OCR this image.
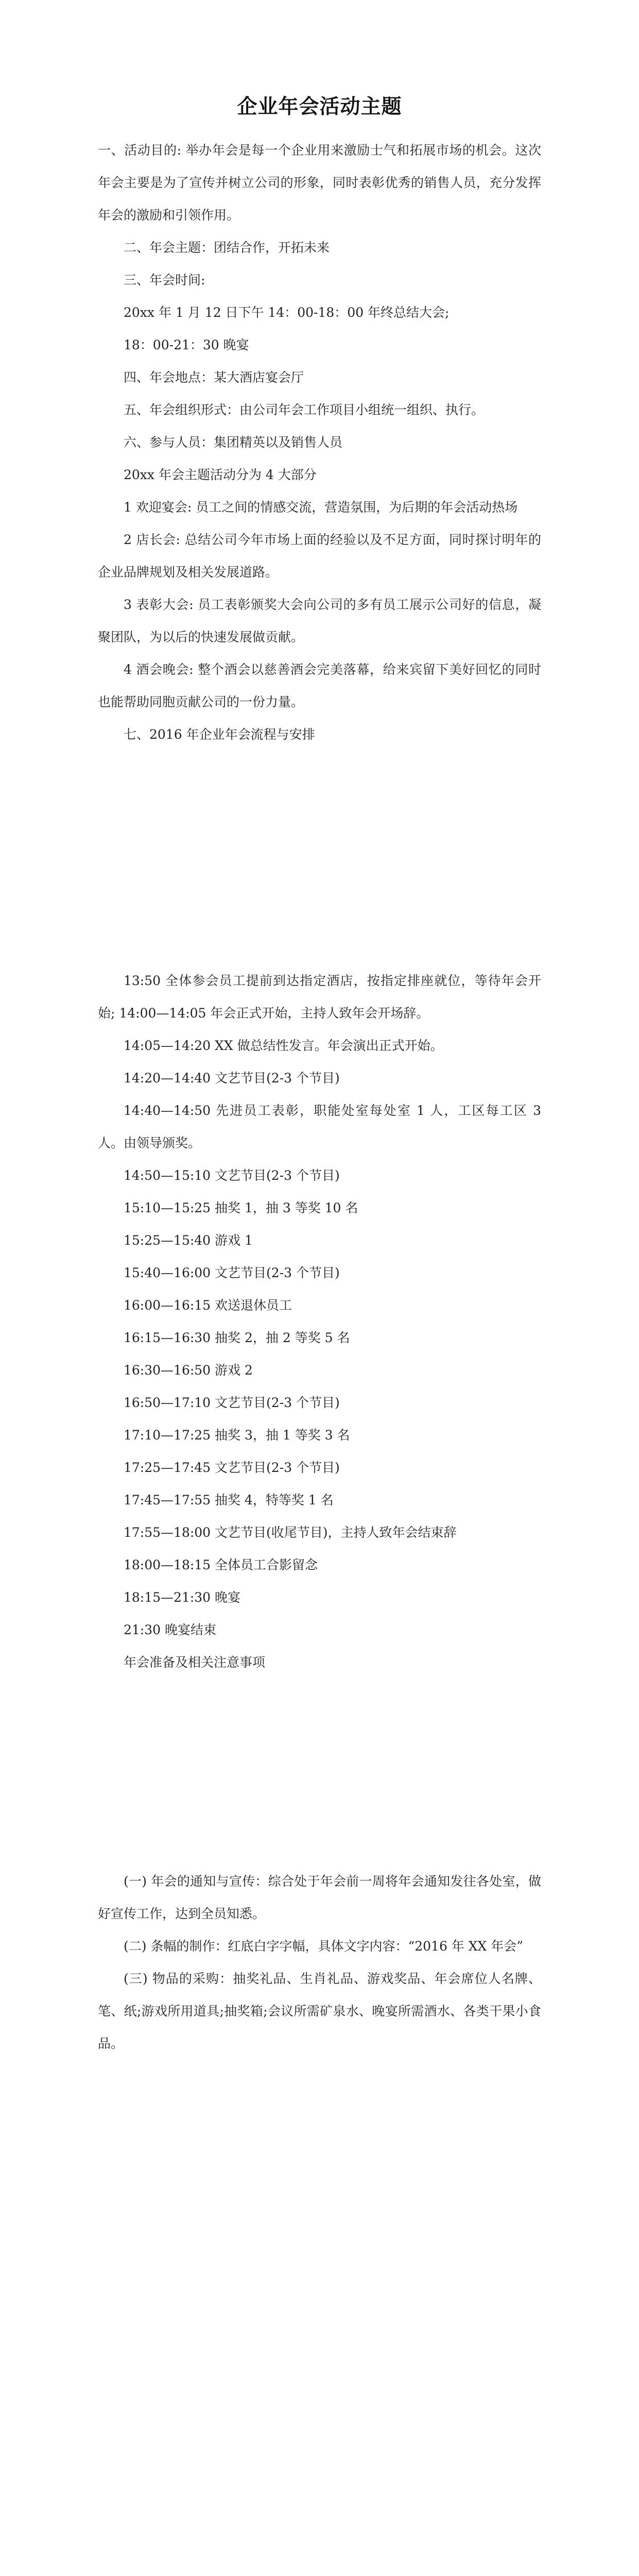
企业年会活动主题

一、活动目的: 举办年会是每一个企业用来激励士气和拓展市场的机会。这次年会主要是为了宣传并树立公司的形象，同时表彰优秀的销售人员，充分发挥年会的激励和引领作用。

二、年会主题：团结合作，开拓未来

三、年会时间:

20xx 年 1 月 12 日下午 14：00-18：00 年终总结大会;

18：00-21：30 晚宴

四、年会地点：某大酒店宴会厅

五、年会组织形式：由公司年会工作项目小组统一组织、执行。

六、参与人员：集团精英以及销售人员

20xx 年会主题活动分为 4 大部分

1 欢迎宴会: 员工之间的情感交流，营造氛围，为后期的年会活动热场

2 店长会: 总结公司今年市场上面的经验以及不足方面，同时探讨明年的企业品牌规划及相关发展道路。

3 表彰大会: 员工表彰颁奖大会向公司的多有员工展示公司好的信息，凝聚团队，为以后的快速发展做贡献。

4 酒会晚会: 整个酒会以慈善酒会完美落幕，给来宾留下美好回忆的同时也能帮助同胞贡献公司的一份力量。

七、2016 年企业年会流程与安排

13:50 全体参会员工提前到达指定酒店，按指定排座就位，等待年会开始; 14:00—14:05 年会正式开始，主持人致年会开场辞。

14:05—14:20 XX 做总结性发言。年会演出正式开始。

14:20—14:40 文艺节目(2-3 个节目)

14:40—14:50 先进员工表彰，职能处室每处室 1 人，工区每工区 3 人。由领导颁奖。

14:50—15:10 文艺节目(2-3 个节目)

15:10—15:25 抽奖 1，抽 3 等奖 10 名

15:25—15:40 游戏 1

15:40—16:00 文艺节目(2-3 个节目)

16:00—16:15 欢送退休员工

16:15—16:30 抽奖 2，抽 2 等奖 5 名

16:30—16:50 游戏 2

16:50—17:10 文艺节目(2-3 个节目)

17:10—17:25 抽奖 3，抽 1 等奖 3 名

17:25—17:45 文艺节目(2-3 个节目)

17:45—17:55 抽奖 4，特等奖 1 名

17:55—18:00 文艺节目(收尾节目)，主持人致年会结束辞

18:00—18:15 全体员工合影留念

18:15—21:30 晚宴

21:30 晚宴结束

年会准备及相关注意事项

(一) 年会的通知与宣传：综合处于年会前一周将年会通知发往各处室，做好宣传工作，达到全员知悉。

(二) 条幅的制作：红底白字字幅，具体文字内容：“2016 年 XX 年会”

(三) 物品的采购：抽奖礼品、生肖礼品、游戏奖品、年会席位人名牌、笔、纸;游戏所用道具;抽奖箱;会议所需矿泉水、晚宴所需酒水、各类干果小食品。
